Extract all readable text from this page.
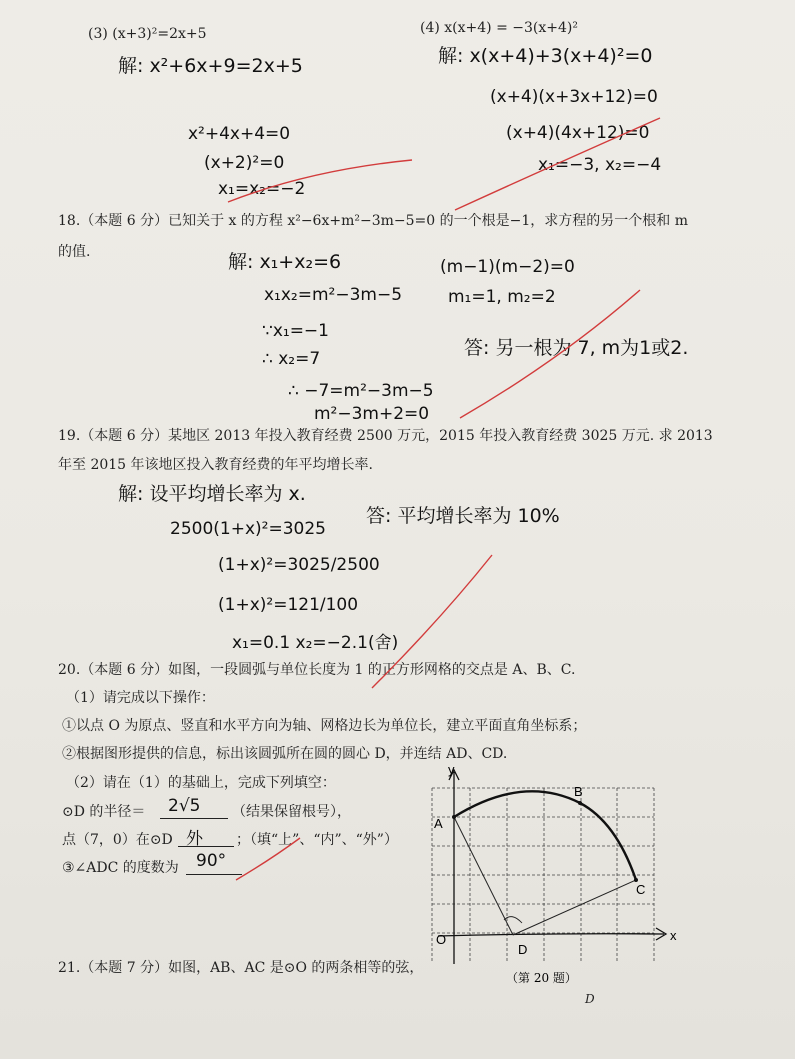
(3) (x+3)²=2x+5	(4) x(x+4) = −3(x+4)²
解: x²+6x+9=2x+5
x²+4x+4=0
(x+2)²=0
x₁=x₂=−2
解: x(x+4)+3(x+4)²=0
(x+4)(x+3x+12)=0
(x+4)(4x+12)=0
x₁=−3, x₂=−4
18.（本题 6 分）已知关于 x 的方程 x²−6x+m²−3m−5=0 的一个根是−1，求方程的另一个根和 m
的值.	解: x₁+x₂=6
x₁x₂=m²−3m−5
∵x₁=−1
∴ x₂=7
∴ −7=m²−3m−5
m²−3m+2=0
(m−1)(m−2)=0
m₁=1, m₂=2
答: 另一根为 7, m为1或2.
19.（本题 6 分）某地区 2013 年投入教育经费 2500 万元，2015 年投入教育经费 3025 万元. 求 2013
年至 2015 年该地区投入教育经费的年平均增长率.
解: 设平均增长率为 x.
2500(1+x)²=3025
(1+x)²=3025/2500
(1+x)²=121/100
x₁=0.1 x₂=−2.1(舍)
答: 平均增长率为 10%
20.（本题 6 分）如图，一段圆弧与单位长度为 1 的正方形网格的交点是 A、B、C.
（1）请完成以下操作：
①以点 O 为原点、竖直和水平方向为轴、网格边长为单位长，建立平面直角坐标系；
②根据图形提供的信息，标出该圆弧所在圆的圆心 D，并连结 AD、CD.
（2）请在（1）的基础上，完成下列填空：
⊙D 的半径＝ 2√5 （结果保留根号），
点（7，0）在⊙D 外 ；（填“上”、“内”、“外”）
③∠ADC 的度数为 90°
21.（本题 7 分）如图，AB、AC 是⊙O 的两条相等的弦，
D
y
x
O
A
B
C
D
（第 20 题）
